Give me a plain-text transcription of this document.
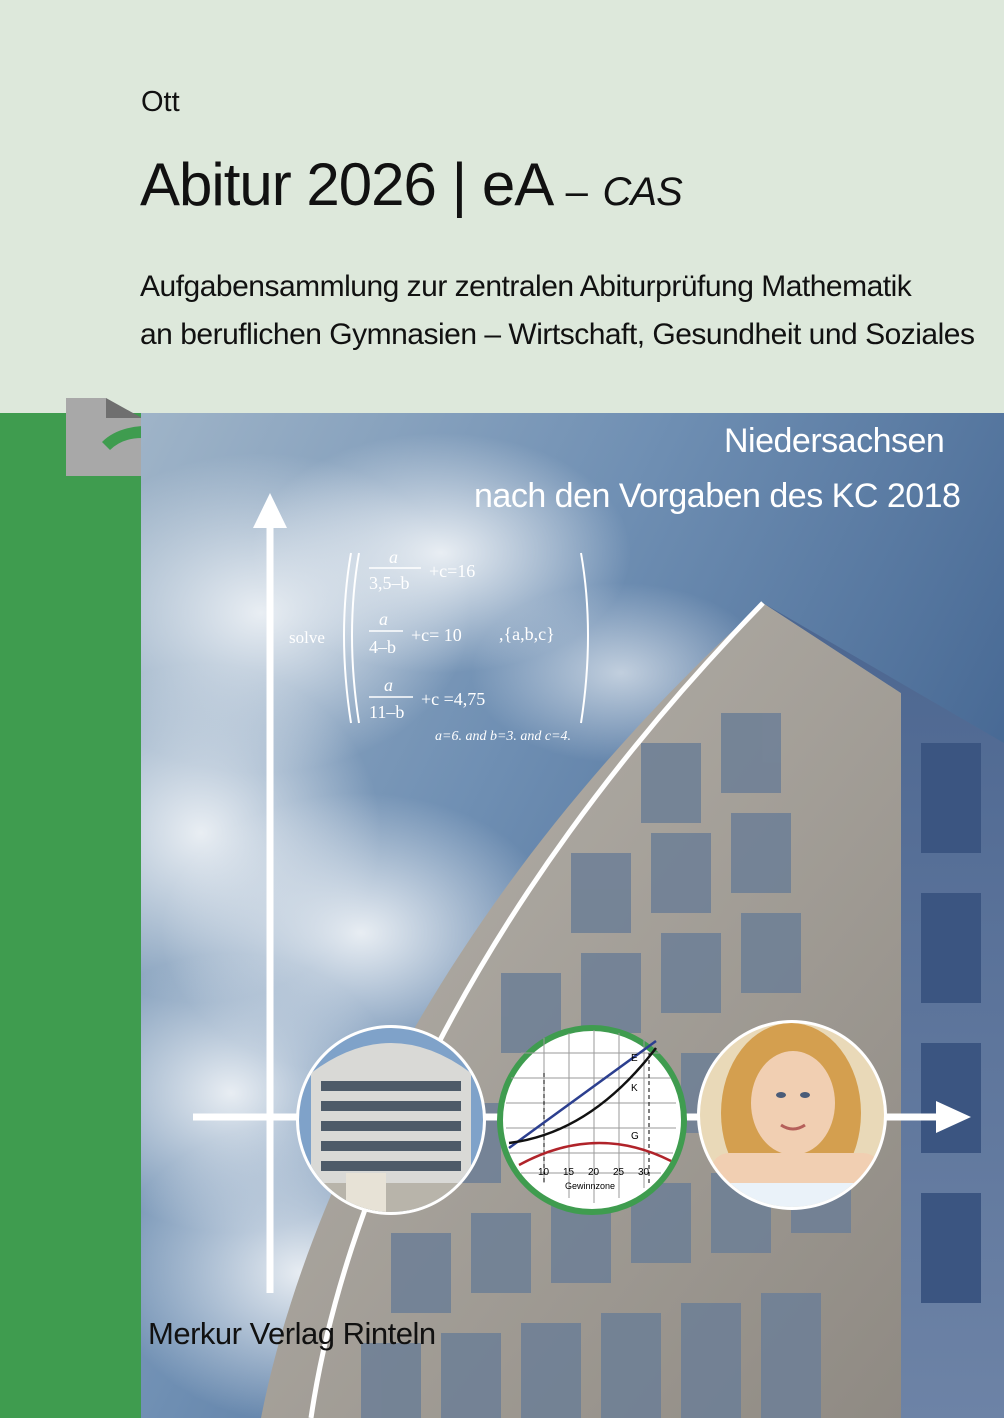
Ott
Abitur 2026 | eA – CAS
Aufgabensammlung zur zentralen Abiturprüfung Mathematik
an beruflichen Gymnasien – Wirtschaft, Gesundheit und Soziales
solve
a
3,5–b
+c=16
a
4–b
+c= 10 ,{a,b,c}
a
11–b
+c =4,75
a=6. and b=3. and c=4.
E
K
G
10 15 20 25 30
Gewinnzone
Niedersachsen
nach den Vorgaben des KC 2018
Merkur Verlag Rinteln
